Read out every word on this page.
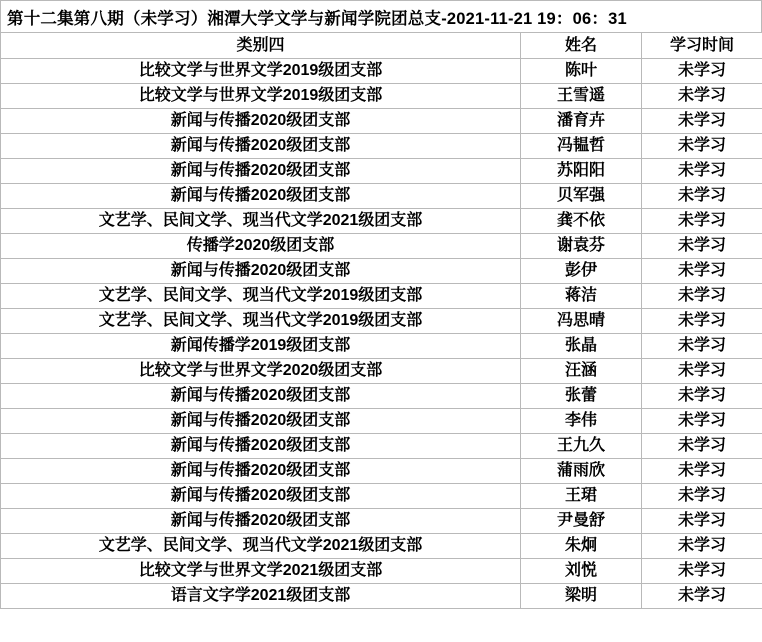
第十二集第八期（未学习）湘潭大学文学与新闻学院团总支-2021-11-21 19：06：31
类别四	姓名	学习时间
比较文学与世界文学2019级团支部	陈叶	未学习
比较文学与世界文学2019级团支部	王雪遥	未学习
新闻与传播2020级团支部	潘育卉	未学习
新闻与传播2020级团支部	冯韫哲	未学习
新闻与传播2020级团支部	苏阳阳	未学习
新闻与传播2020级团支部	贝军强	未学习
文艺学、民间文学、现当代文学2021级团支部	龚不依	未学习
传播学2020级团支部	谢袁芬	未学习
新闻与传播2020级团支部	彭伊	未学习
文艺学、民间文学、现当代文学2019级团支部	蒋洁	未学习
文艺学、民间文学、现当代文学2019级团支部	冯思晴	未学习
新闻传播学2019级团支部	张晶	未学习
比较文学与世界文学2020级团支部	汪涵	未学习
新闻与传播2020级团支部	张蕾	未学习
新闻与传播2020级团支部	李伟	未学习
新闻与传播2020级团支部	王九久	未学习
新闻与传播2020级团支部	蒲雨欣	未学习
新闻与传播2020级团支部	王珺	未学习
新闻与传播2020级团支部	尹曼舒	未学习
文艺学、民间文学、现当代文学2021级团支部	朱炯	未学习
比较文学与世界文学2021级团支部	刘悦	未学习
语言文字学2021级团支部	梁明	未学习
